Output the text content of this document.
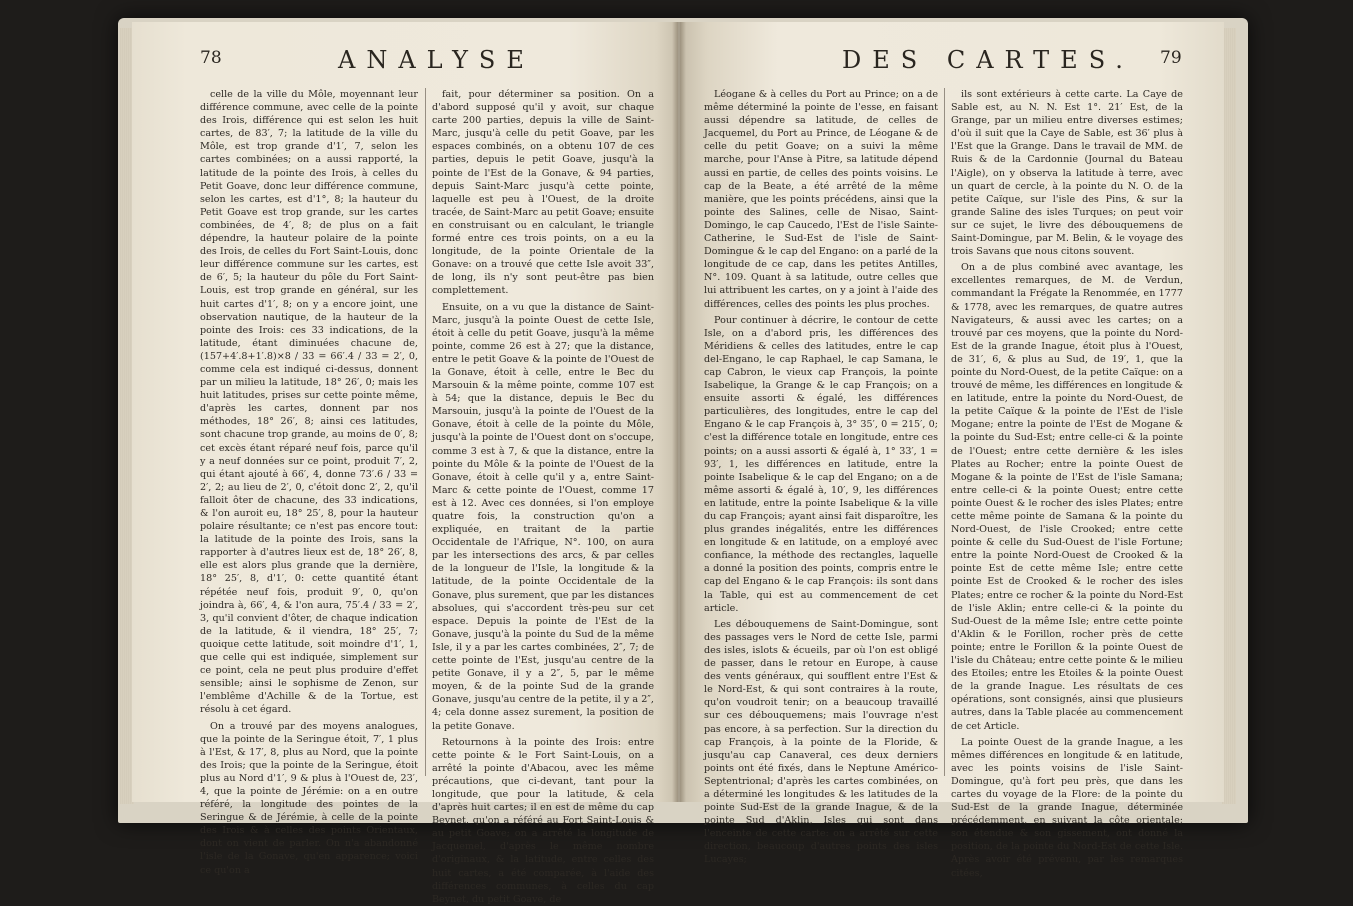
78	ANALYSE

celle de la ville du Môle, moyennant leur différence commune, avec celle de la pointe des Irois, différence qui est selon les huit cartes, de 83′, 7; la latitude de la ville du Môle, est trop grande d'1′, 7, selon les cartes combinées; on a aussi rapporté, la latitude de la pointe des Irois, à celles du Petit Goave, donc leur différence commune, selon les cartes, est d'1°, 8; la hauteur du Petit Goave est trop grande, sur les cartes combinées, de 4′, 8; de plus on a fait dépendre, la hauteur polaire de la pointe des Irois, de celles du Fort Saint-Louis, donc leur différence commune sur les cartes, est de 6′, 5; la hauteur du pôle du Fort Saint-Louis, est trop grande en général, sur les huit cartes d'1′, 8; on y a encore joint, une observation nautique, de la hauteur de la pointe des Irois: ces 33 indications, de la latitude, étant diminuées chacune de, (157+4′.8+1′.8)×8 / 33 = 66′.4 / 33 = 2′, 0, comme cela est indiqué ci-dessus, donnent par un milieu la latitude, 18° 26′, 0; mais les huit latitudes, prises sur cette pointe même, d'après les cartes, donnent par nos méthodes, 18° 26′, 8; ainsi ces latitudes, sont chacune trop grande, au moins de 0′, 8; cet excès étant réparé neuf fois, parce qu'il y a neuf données sur ce point, produit 7′, 2, qui étant ajouté à 66′, 4, donne 73′.6 / 33 = 2′, 2; au lieu de 2′, 0, c'étoit donc 2′, 2, qu'il falloit ôter de chacune, des 33 indications, & l'on auroit eu, 18° 25′, 8, pour la hauteur polaire résultante; ce n'est pas encore tout: la latitude de la pointe des Irois, sans la rapporter à d'autres lieux est de, 18° 26′, 8, elle est alors plus grande que la dernière, 18° 25′, 8, d'1′, 0: cette quantité étant répétée neuf fois, produit 9′, 0, qu'on joindra à, 66′, 4, & l'on aura, 75′.4 / 33 = 2′, 3, qu'il convient d'ôter, de chaque indication de la latitude, & il viendra, 18° 25′, 7; quoique cette latitude, soit moindre d'1′, 1, que celle qui est indiquée, simplement sur ce point, cela ne peut plus produire d'effet sensible; ainsi le sophisme de Zenon, sur l'emblême d'Achille & de la Tortue, est résolu à cet égard.

On a trouvé par des moyens analogues, que la pointe de la Seringue étoit, 7′, 1 plus à l'Est, & 17′, 8, plus au Nord, que la pointe des Irois; que la pointe de la Seringue, étoit plus au Nord d'1′, 9 & plus à l'Ouest de, 23′, 4, que la pointe de Jérémie: on a en outre référé, la longitude des pointes de la Seringue & de Jérémie, à celle de la pointe des Irois & à celles des points Orientaux, dont on vient de parler. On n'a abandonné l'isle de la Gonave, qu'en apparence; voici ce qu'on a

fait, pour déterminer sa position. On a d'abord supposé qu'il y avoit, sur chaque carte 200 parties, depuis la ville de Saint-Marc, jusqu'à celle du petit Goave, par les espaces combinés, on a obtenu 107 de ces parties, depuis le petit Goave, jusqu'à la pointe de l'Est de la Gonave, & 94 parties, depuis Saint-Marc jusqu'à cette pointe, laquelle est peu à l'Ouest, de la droite tracée, de Saint-Marc au petit Goave; ensuite en construisant ou en calculant, le triangle formé entre ces trois points, on a eu la longitude, de la pointe Orientale de la Gonave: on a trouvé que cette Isle avoit 33″, de long, ils n'y sont peut-être pas bien complettement.

Ensuite, on a vu que la distance de Saint-Marc, jusqu'à la pointe Ouest de cette Isle, étoit à celle du petit Goave, jusqu'à la même pointe, comme 26 est à 27; que la distance, entre le petit Goave & la pointe de l'Ouest de la Gonave, étoit à celle, entre le Bec du Marsouin & la même pointe, comme 107 est à 54; que la distance, depuis le Bec du Marsouin, jusqu'à la pointe de l'Ouest de la Gonave, étoit à celle de la pointe du Môle, jusqu'à la pointe de l'Ouest dont on s'occupe, comme 3 est à 7, & que la distance, entre la pointe du Môle & la pointe de l'Ouest de la Gonave, étoit à celle qu'il y a, entre Saint-Marc & cette pointe de l'Ouest, comme 17 est à 12. Avec ces données, si l'on employe quatre fois, la construction qu'on a expliquée, en traitant de la partie Occidentale de l'Afrique, N°. 100, on aura par les intersections des arcs, & par celles de la longueur de l'Isle, la longitude & la latitude, de la pointe Occidentale de la Gonave, plus surement, que par les distances absolues, qui s'accordent très-peu sur cet espace. Depuis la pointe de l'Est de la Gonave, jusqu'à la pointe du Sud de la même Isle, il y a par les cartes combinées, 2″, 7; de cette pointe de l'Est, jusqu'au centre de la petite Gonave, il y a 2″, 5, par le même moyen, & de la pointe Sud de la grande Gonave, jusqu'au centre de la petite, il y a 2″, 4; cela donne assez surement, la position de la petite Gonave.

Retournons à la pointe des Irois: entre cette pointe & le Fort Saint-Louis, on a arrêté la pointe d'Abacou, avec les même précautions, que ci-devant, tant pour la longitude, que pour la latitude, & cela d'après huit cartes; il en est de même du cap Beynet, qu'on a référé au Fort Saint-Louis & au petit Goave; on a arrêté la longitude de Jacquemel, d'après le même nombre d'originaux, & la latitude, entre celles des huit cartes, a été comparée, à l'aide des différences communes, à celles du cap Beynet, du petit Goave, de

DES CARTES. 79

Léogane & à celles du Port au Prince; on a de même déterminé la pointe de l'esse, en faisant aussi dépendre sa latitude, de celles de Jacquemel, du Port au Prince, de Léogane & de celle du petit Goave; on a suivi la même marche, pour l'Anse à Pitre, sa latitude dépend aussi en partie, de celles des points voisins. Le cap de la Beate, a été arrêté de la même manière, que les points précédens, ainsi que la pointe des Salines, celle de Nisao, Saint-Domingo, le cap Caucedo, l'Est de l'isle Sainte-Catherine, le Sud-Est de l'isle de Saint-Domingue & le cap del Engano: on a parlé de la longitude de ce cap, dans les petites Antilles, N°. 109. Quant à sa latitude, outre celles que lui attribuent les cartes, on y a joint à l'aide des différences, celles des points les plus proches.

Pour continuer à décrire, le contour de cette Isle, on a d'abord pris, les différences des Méridiens & celles des latitudes, entre le cap del-Engano, le cap Raphael, le cap Samana, le cap Cabron, le vieux cap François, la pointe Isabelique, la Grange & le cap François; on a ensuite assorti & égalé, les différences particulières, des longitudes, entre le cap del Engano & le cap François à, 3° 35′, 0 = 215′, 0; c'est la différence totale en longitude, entre ces points; on a aussi assorti & égalé à, 1° 33′, 1 = 93′, 1, les différences en latitude, entre la pointe Isabelique & le cap del Engano; on a de même assorti & égalé à, 10′, 9, les différences en latitude, entre la pointe Isabelique & la ville du cap François; ayant ainsi fait disparoître, les plus grandes inégalités, entre les différences en longitude & en latitude, on a employé avec confiance, la méthode des rectangles, laquelle a donné la position des points, compris entre le cap del Engano & le cap François: ils sont dans la Table, qui est au commencement de cet article.

Les débouquemens de Saint-Domingue, sont des passages vers le Nord de cette Isle, parmi des isles, islots & écueils, par où l'on est obligé de passer, dans le retour en Europe, à cause des vents généraux, qui soufflent entre l'Est & le Nord-Est, & qui sont contraires à la route, qu'on voudroit tenir; on a beaucoup travaillé sur ces débouquemens; mais l'ouvrage n'est pas encore, à sa perfection. Sur la direction du cap François, à la pointe de la Floride, & jusqu'au cap Canaveral, ces deux derniers points ont été fixés, dans le Neptune Américo-Septentrional; d'après les cartes combinées, on a déterminé les longitudes & les latitudes de la pointe Sud-Est de la grande Inague, & de la pointe Sud d'Aklin, Isles qui sont dans l'enceinte de cette carte: on a arrêté sur cette direction, beaucoup d'autres points des isles Lucayes;

ils sont extérieurs à cette carte. La Caye de Sable est, au N. N. Est 1°. 21′ Est, de la Grange, par un milieu entre diverses estimes; d'où il suit que la Caye de Sable, est 36′ plus à l'Est que la Grange. Dans le travail de MM. de Ruis & de la Cardonnie (Journal du Bateau l'Aigle), on y observa la latitude à terre, avec un quart de cercle, à la pointe du N. O. de la petite Caïque, sur l'isle des Pins, & sur la grande Saline des isles Turques; on peut voir sur ce sujet, le livre des débouquemens de Saint-Domingue, par M. Belin, & le voyage des trois Savans que nous citons souvent.

On a de plus combiné avec avantage, les excellentes remarques, de M. de Verdun, commandant la Frégate la Renommée, en 1777 & 1778, avec les remarques, de quatre autres Navigateurs, & aussi avec les cartes; on a trouvé par ces moyens, que la pointe du Nord-Est de la grande Inague, étoit plus à l'Ouest, de 31′, 6, & plus au Sud, de 19′, 1, que la pointe du Nord-Ouest, de la petite Caïque: on a trouvé de même, les différences en longitude & en latitude, entre la pointe du Nord-Ouest, de la petite Caïque & la pointe de l'Est de l'isle Mogane; entre la pointe de l'Est de Mogane & la pointe du Sud-Est; entre celle-ci & la pointe de l'Ouest; entre cette dernière & les isles Plates au Rocher; entre la pointe Ouest de Mogane & la pointe de l'Est de l'isle Samana; entre celle-ci & la pointe Ouest; entre cette pointe Ouest & le rocher des isles Plates; entre cette même pointe de Samana & la pointe du Nord-Ouest, de l'isle Crooked; entre cette pointe & celle du Sud-Ouest de l'isle Fortune; entre la pointe Nord-Ouest de Crooked & la pointe Est de cette même Isle; entre cette pointe Est de Crooked & le rocher des isles Plates; entre ce rocher & la pointe du Nord-Est de l'isle Aklin; entre celle-ci & la pointe du Sud-Ouest de la même Isle; entre cette pointe d'Aklin & le Forillon, rocher près de cette pointe; entre le Forillon & la pointe Ouest de l'isle du Château; entre cette pointe & le milieu des Etoiles; entre les Etoiles & la pointe Ouest de la grande Inague. Les résultats de ces opérations, sont consignés, ainsi que plusieurs autres, dans la Table placée au commencement de cet Article.

La pointe Ouest de la grande Inague, a les mêmes différences en longitude & en latitude, avec les points voisins de l'isle Saint-Domingue, qu'à fort peu près, que dans les cartes du voyage de la Flore: de la pointe du Sud-Est de la grande Inague, déterminée précédemment, en suivant la côte orientale; son étendue & son gissement, ont donné la position, de la pointe du Nord-Est de cette Isle. Après avoir été prévenu, par les remarques citées,
